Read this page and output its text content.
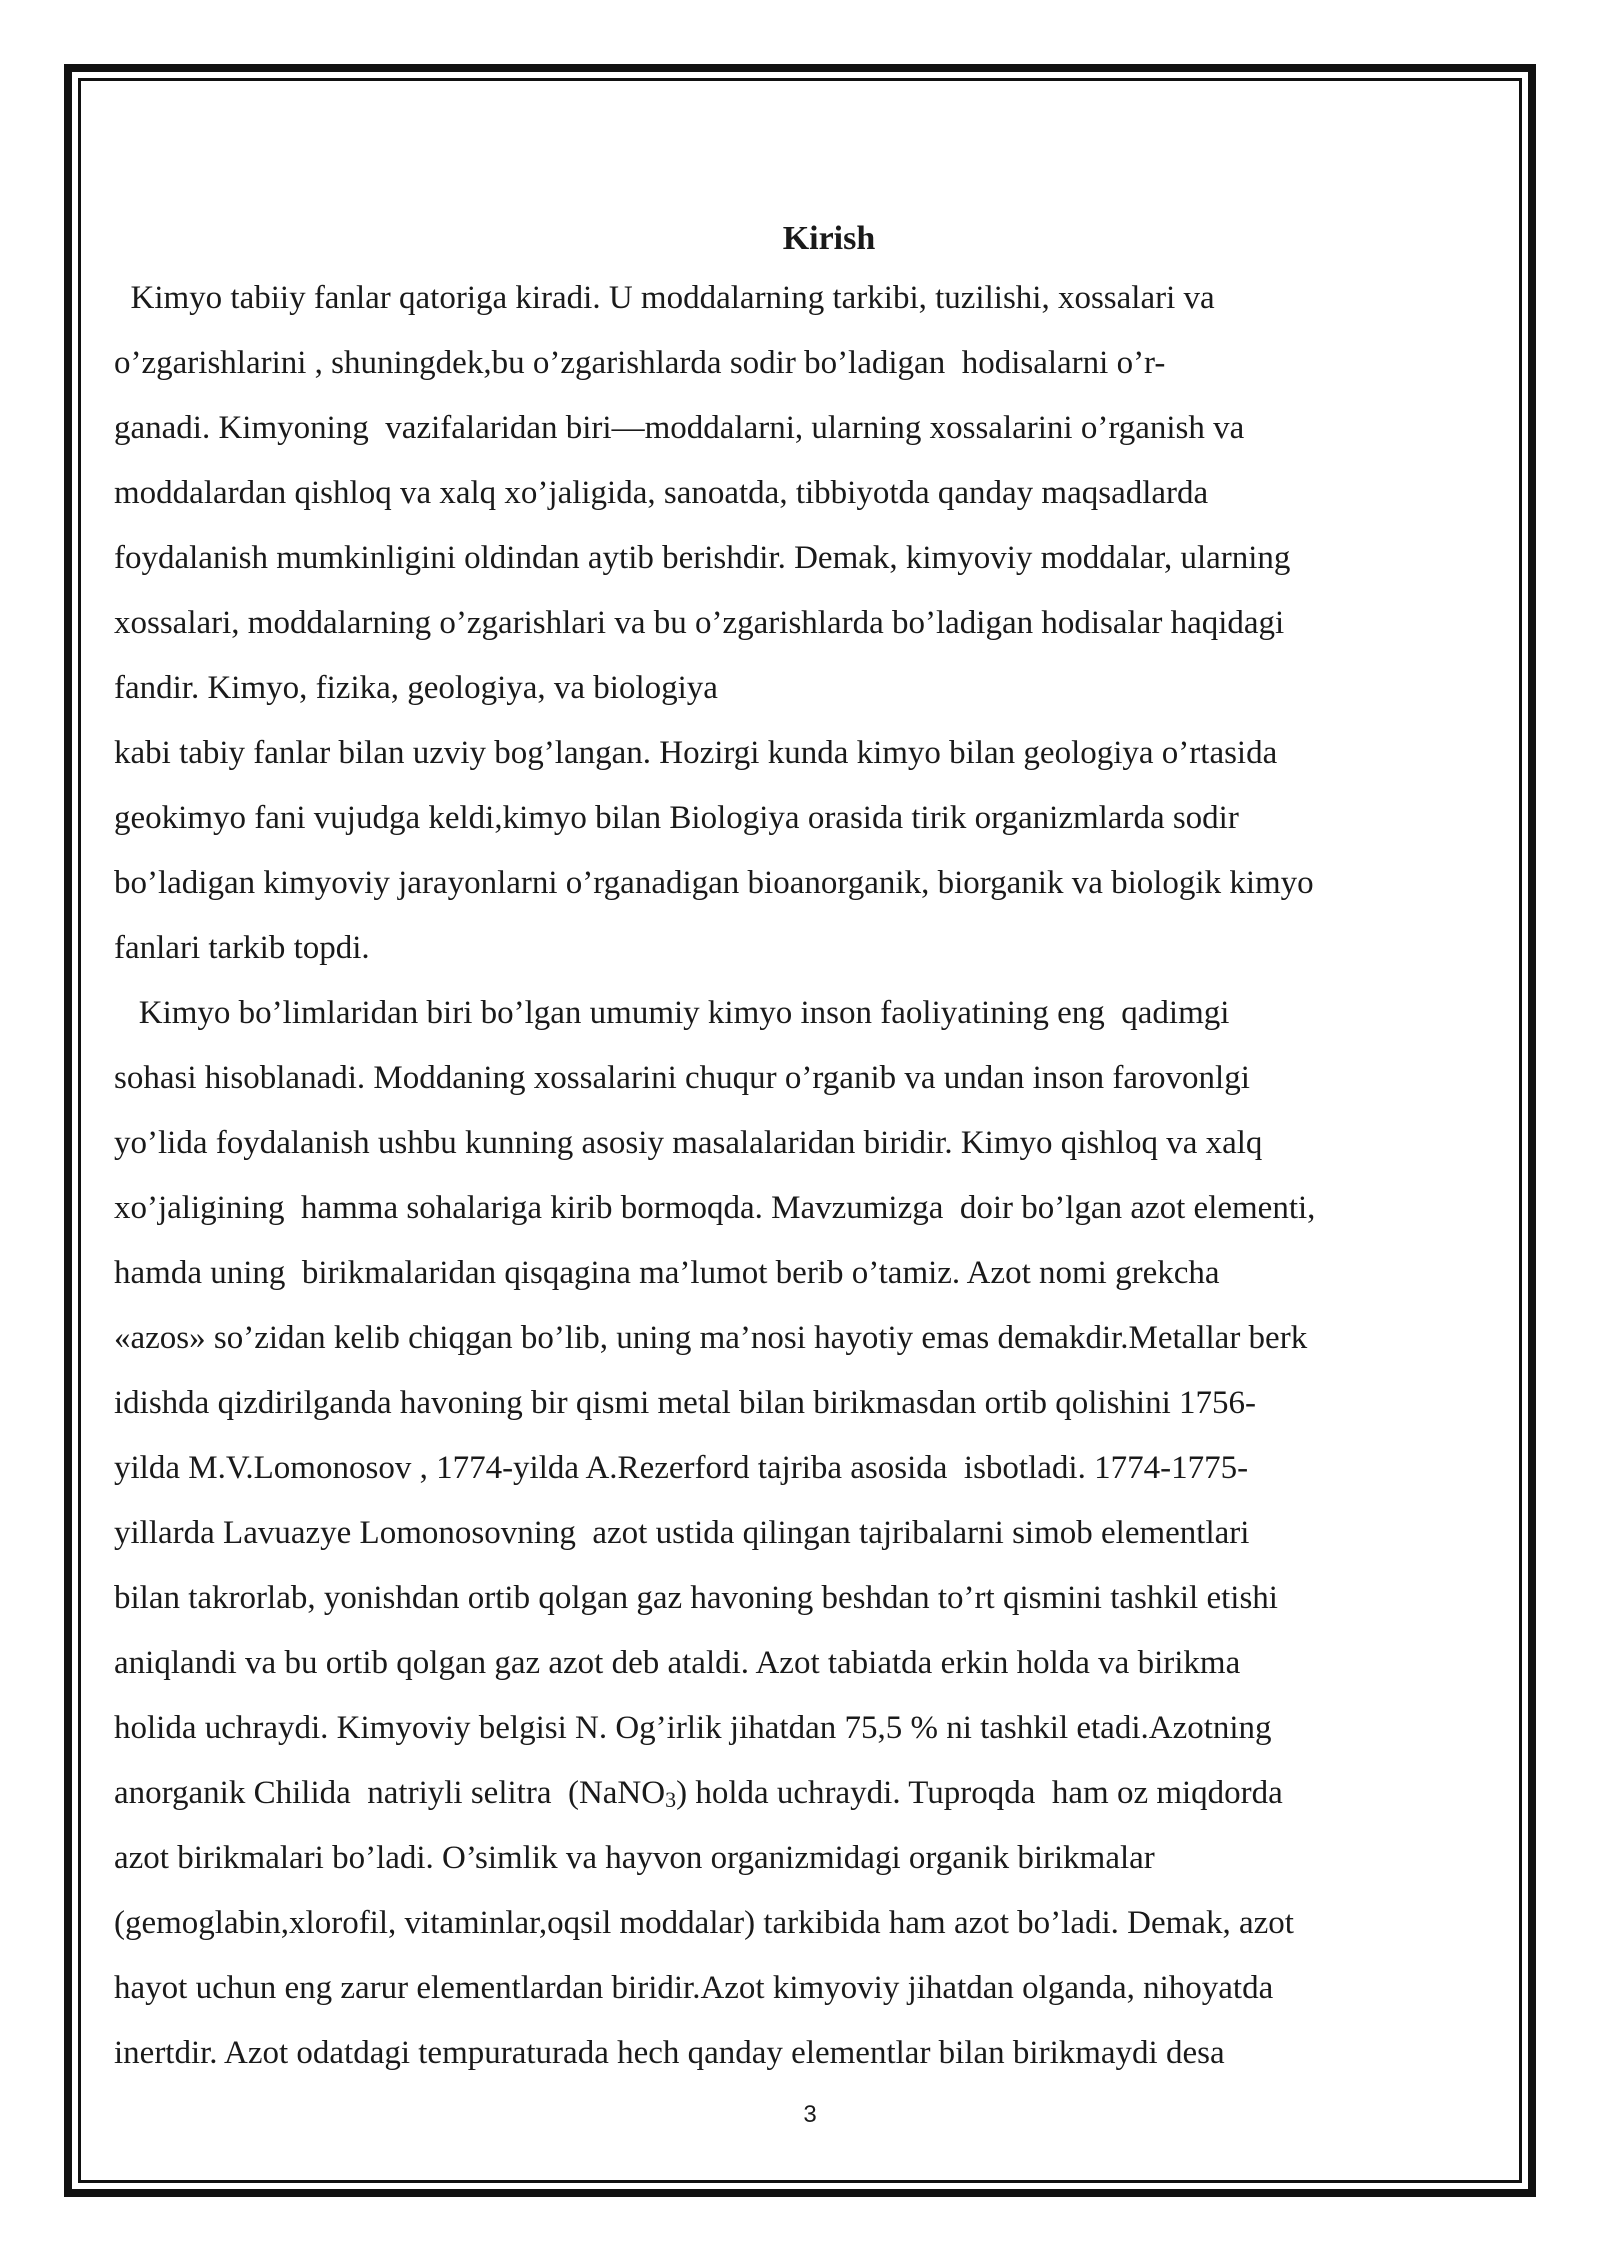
Kirish

Kimyo tabiiy fanlar qatoriga kiradi. U moddalarning tarkibi, tuzilishi, xossalari va

o’zgarishlarini , shuningdek,bu o’zgarishlarda sodir bo’ladigan  hodisalarni o’r-

ganadi. Kimyoning  vazifalaridan biri—moddalarni, ularning xossalarini o’rganish va

moddalardan qishloq va xalq xo’jaligida, sanoatda, tibbiyotda qanday maqsadlarda

foydalanish mumkinligini oldindan aytib berishdir. Demak, kimyoviy moddalar, ularning

xossalari, moddalarning o’zgarishlari va bu o’zgarishlarda bo’ladigan hodisalar haqidagi

fandir. Kimyo, fizika, geologiya, va biologiya

kabi tabiy fanlar bilan uzviy bog’langan. Hozirgi kunda kimyo bilan geologiya o’rtasida

geokimyo fani vujudga keldi,kimyo bilan Biologiya orasida tirik organizmlarda sodir

bo’ladigan kimyoviy jarayonlarni o’rganadigan bioanorganik, biorganik va biologik kimyo

fanlari tarkib topdi.

Kimyo bo’limlaridan biri bo’lgan umumiy kimyo inson faoliyatining eng  qadimgi

sohasi hisoblanadi. Moddaning xossalarini chuqur o’rganib va undan inson farovonlgi

yo’lida foydalanish ushbu kunning asosiy masalalaridan biridir. Kimyo qishloq va xalq

xo’jaligining  hamma sohalariga kirib bormoqda. Mavzumizga  doir bo’lgan azot elementi,

hamda uning  birikmalaridan qisqagina ma’lumot berib o’tamiz. Azot nomi grekcha

«azos» so’zidan kelib chiqgan bo’lib, uning ma’nosi hayotiy emas demakdir.Metallar berk

idishda qizdirilganda havoning bir qismi metal bilan birikmasdan ortib qolishini 1756-

yilda M.V.Lomonosov , 1774-yilda A.Rezerford tajriba asosida  isbotladi. 1774-1775-

yillarda Lavuazye Lomonosovning  azot ustida qilingan tajribalarni simob elementlari

bilan takrorlab, yonishdan ortib qolgan gaz havoning beshdan to’rt qismini tashkil etishi

aniqlandi va bu ortib qolgan gaz azot deb ataldi. Azot tabiatda erkin holda va birikma

holida uchraydi. Kimyoviy belgisi N. Og’irlik jihatdan 75,5 % ni tashkil etadi.Azotning

anorganik Chilida  natriyli selitra  (NaNO$_3$) holda uchraydi. Tuproqda  ham oz miqdorda

azot birikmalari bo’ladi. O’simlik va hayvon organizmidagi organik birikmalar

(gemoglabin,xlorofil, vitaminlar,oqsil moddalar) tarkibida ham azot bo’ladi. Demak, azot

hayot uchun eng zarur elementlardan biridir.Azot kimyoviy jihatdan olganda, nihoyatda

inertdir. Azot odatdagi tempuraturada hech qanday elementlar bilan birikmaydi desa

3
